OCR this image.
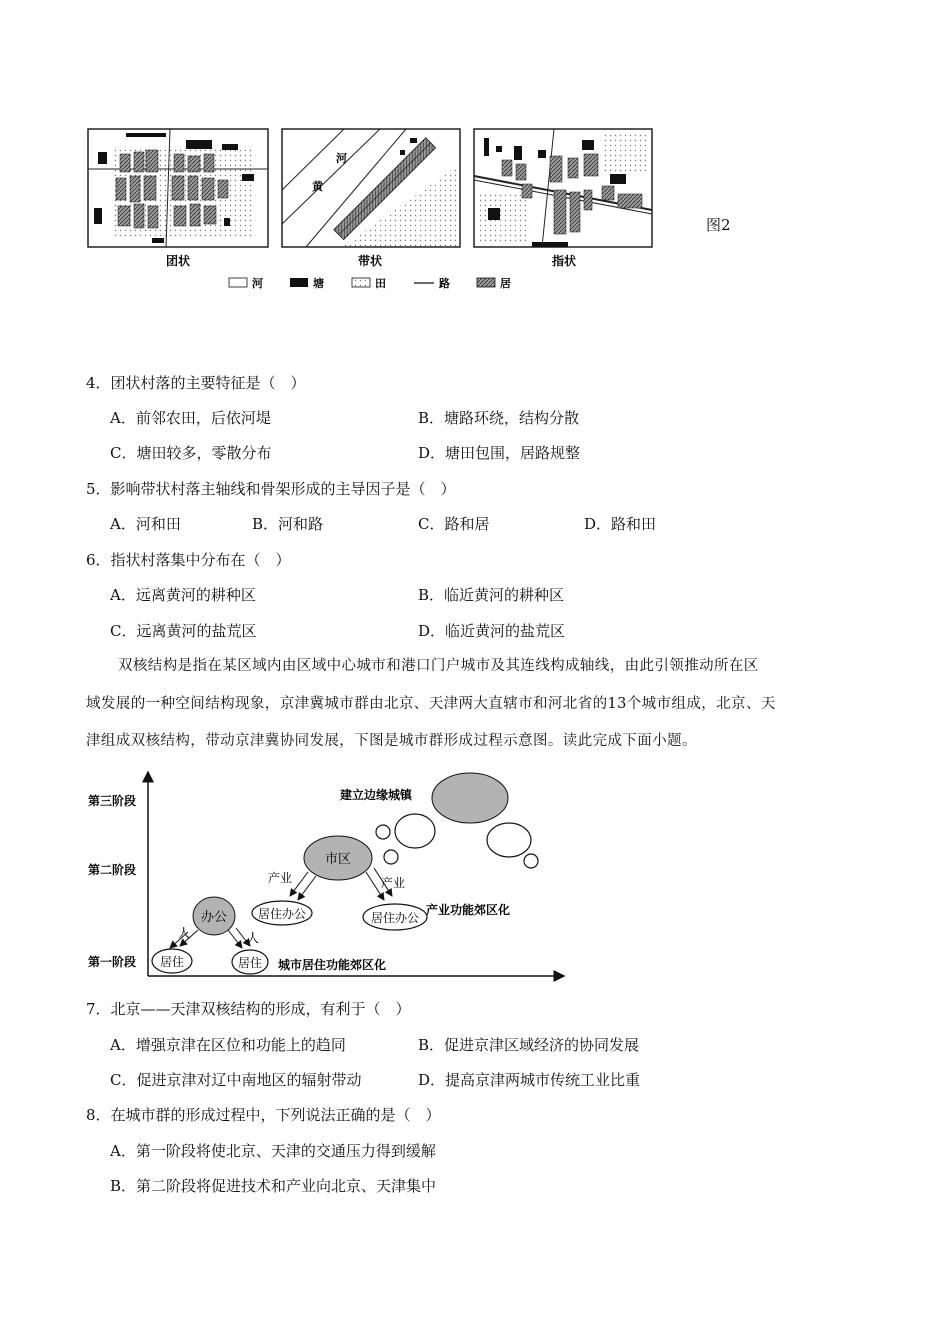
团状
河
黄
带状	指状
河	塘	田	路	居
图2
4．团状村落的主要特征是（　）
A．前邻农田，后依河堤	B．塘路环绕，结构分散
C．塘田较多，零散分布	D．塘田包围，居路规整
5．影响带状村落主轴线和骨架形成的主导因子是（　）
A．河和田	B．河和路	C．路和居	D．路和田
6．指状村落集中分布在（　）
A．远离黄河的耕种区	B．临近黄河的耕种区
C．远离黄河的盐荒区	D．临近黄河的盐荒区
双核结构是指在某区域内由区域中心城市和港口门户城市及其连线构成轴线，由此引领推动所在区
域发展的一种空间结构现象，京津冀城市群由北京、天津两大直辖市和河北省的13个城市组成，北京、天
津组成双核结构，带动京津冀协同发展，下图是城市群形成过程示意图。读此完成下面小题。
第三阶段
第二阶段
第一阶段
办公
居住	居住
人	人
城市居住功能郊区化
市区
居住办公	居住办公
产业	产业
产业功能郊区化
建立边缘城镇
7．北京——天津双核结构的形成，有利于（　）
A．增强京津在区位和功能上的趋同	B．促进京津区域经济的协同发展
C．促进京津对辽中南地区的辐射带动	D．提高京津两城市传统工业比重
8．在城市群的形成过程中，下列说法正确的是（　）
A．第一阶段将使北京、天津的交通压力得到缓解
B．第二阶段将促进技术和产业向北京、天津集中
